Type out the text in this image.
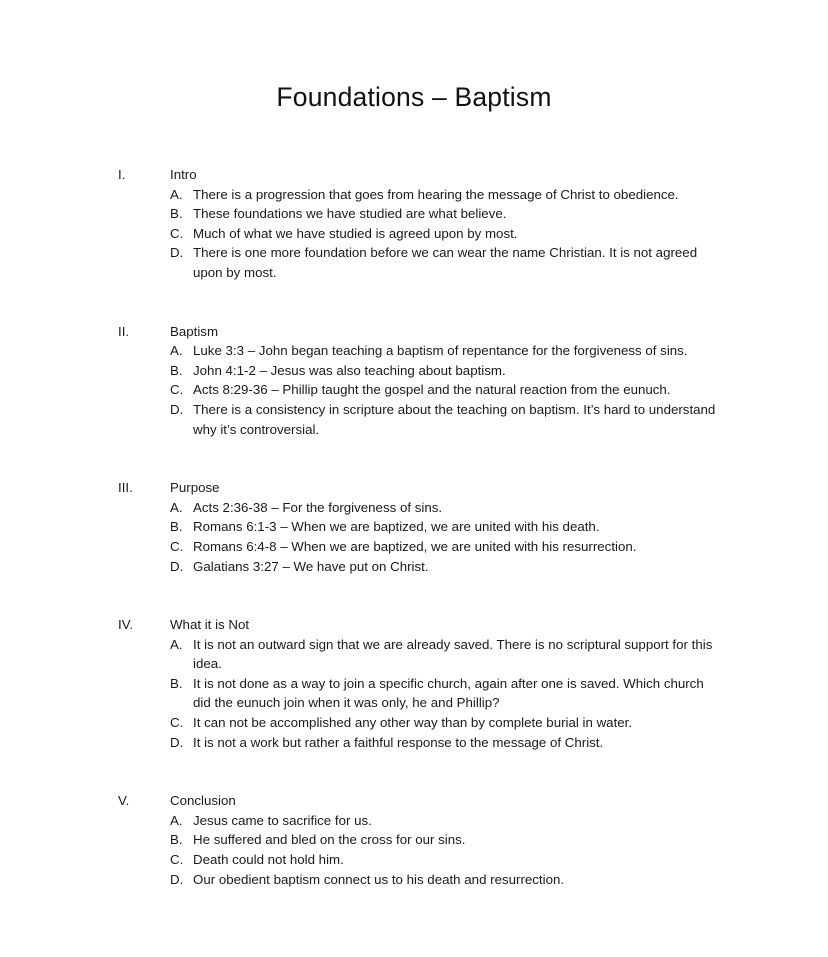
Foundations – Baptism
I.	Intro
A. There is a progression that goes from hearing the message of Christ to obedience.
B. These foundations we have studied are what believe.
C. Much of what we have studied is agreed upon by most.
D. There is one more foundation before we can wear the name Christian. It is not agreed upon by most.
II.	Baptism
A. Luke 3:3 – John began teaching a baptism of repentance for the forgiveness of sins.
B. John 4:1-2 – Jesus was also teaching about baptism.
C. Acts 8:29-36 – Phillip taught the gospel and the natural reaction from the eunuch.
D. There is a consistency in scripture about the teaching on baptism. It’s hard to understand why it’s controversial.
III.	Purpose
A. Acts 2:36-38 – For the forgiveness of sins.
B. Romans 6:1-3 – When we are baptized, we are united with his death.
C. Romans 6:4-8 – When we are baptized, we are united with his resurrection.
D. Galatians 3:27 – We have put on Christ.
IV.	What it is Not
A. It is not an outward sign that we are already saved. There is no scriptural support for this idea.
B. It is not done as a way to join a specific church, again after one is saved. Which church did the eunuch join when it was only, he and Phillip?
C. It can not be accomplished any other way than by complete burial in water.
D. It is not a work but rather a faithful response to the message of Christ.
V.	Conclusion
A. Jesus came to sacrifice for us.
B. He suffered and bled on the cross for our sins.
C. Death could not hold him.
D. Our obedient baptism connect us to his death and resurrection.
